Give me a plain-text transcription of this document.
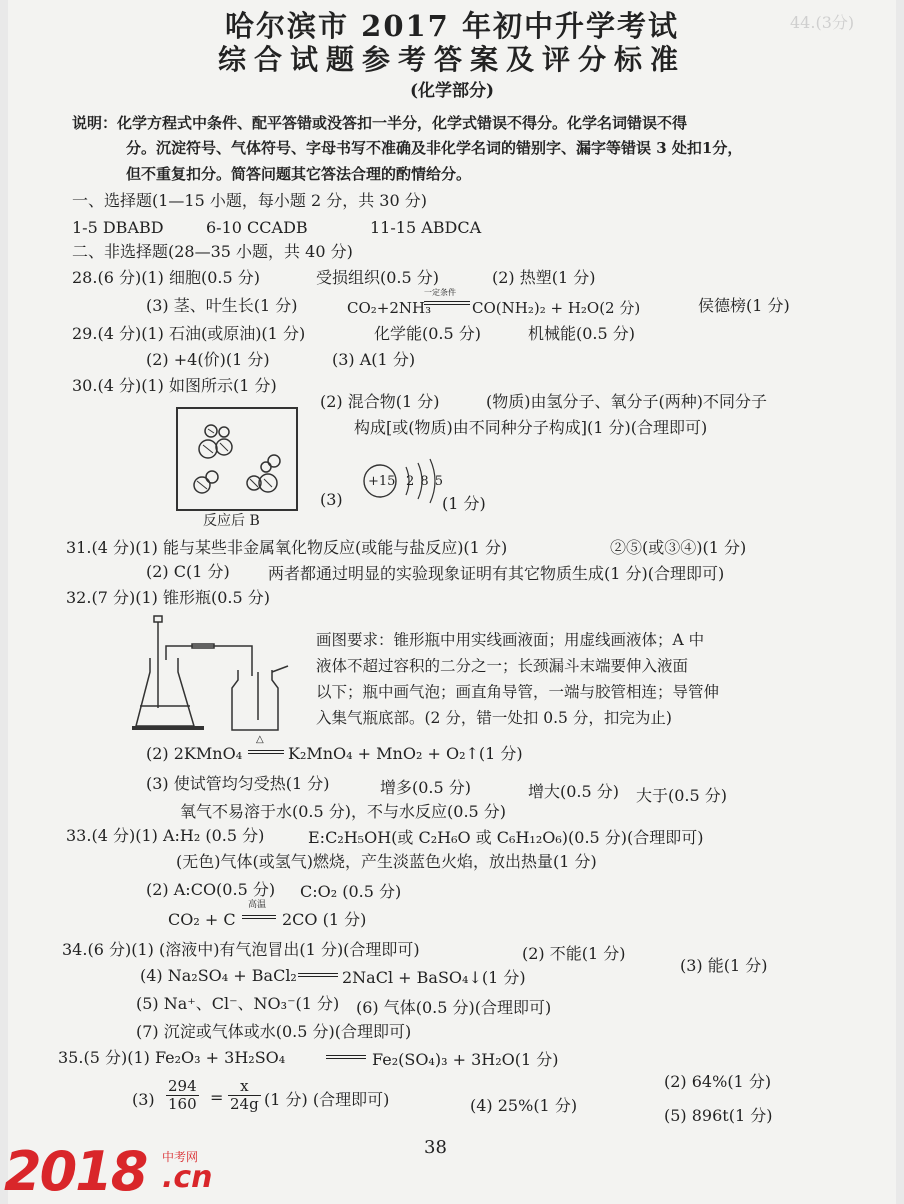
44.(3分)
哈尔滨市 2017 年初中升学考试
综合试题参考答案及评分标准
(化学部分)
说明：化学方程式中条件、配平答错或没答扣一半分，化学式错误不得分。化学名词错误不得
分。沉淀符号、气体符号、字母书写不准确及非化学名词的错别字、漏字等错误 3 处扣1分，
但不重复扣分。简答问题其它答法合理的酌情给分。
一、选择题(1—15 小题，每小题 2 分，共 30 分)
1-5 DBABD	6-10 CCADB	11-15 ABDCA
二、非选择题(28—35 小题，共 40 分)
28.(6 分)(1) 细胞(0.5 分)	受损组织(0.5 分)	(2) 热塑(1 分)
(3) 茎、叶生长(1 分)	CO₂+2NH₃
一定条件
CO(NH₂)₂ + H₂O(2 分)	侯德榜(1 分)
29.(4 分)(1) 石油(或原油)(1 分)	化学能(0.5 分)	机械能(0.5 分)
(2) +4(价)(1 分)	(3) A(1 分)
30.(4 分)(1) 如图所示(1 分)
(2) 混合物(1 分)	(物质)由氢分子、氧分子(两种)不同分子
构成[或(物质)由不同种分子构成](1 分)(合理即可)
反应后 B
(3)
+15 2 8 5
(1 分)
31.(4 分)(1) 能与某些非金属氧化物反应(或能与盐反应)(1 分)	②⑤(或③④)(1 分)
(2) C(1 分) 两者都通过明显的实验现象证明有其它物质生成(1 分)(合理即可)
32.(7 分)(1) 锥形瓶(0.5 分)
画图要求：锥形瓶中用实线画液面；用虚线画液体；A 中
液体不超过容积的二分之一；长颈漏斗末端要伸入液面
以下；瓶中画气泡；画直角导管，一端与胶管相连；导管伸
入集气瓶底部。(2 分，错一处扣 0.5 分，扣完为止)
(2) 2KMnO₄
△
K₂MnO₄ + MnO₂ + O₂↑(1 分)
(3) 使试管均匀受热(1 分)	增多(0.5 分)	增大(0.5 分) 大于(0.5 分)
氧气不易溶于水(0.5 分)，不与水反应(0.5 分)
33.(4 分)(1) A:H₂ (0.5 分)	E:C₂H₅OH(或 C₂H₆O 或 C₆H₁₂O₆)(0.5 分)(合理即可)
(无色)气体(或氢气)燃烧，产生淡蓝色火焰，放出热量(1 分)
(2) A:CO(0.5 分) C:O₂ (0.5 分)
CO₂ + C
高温
2CO (1 分)
34.(6 分)(1) (溶液中)有气泡冒出(1 分)(合理即可)	(2) 不能(1 分)
(3) 能(1 分)
(4) Na₂SO₄ + BaCl₂	2NaCl + BaSO₄↓(1 分)
(5) Na⁺、Cl⁻、NO₃⁻(1 分) (6) 气体(0.5 分)(合理即可)
(7) 沉淀或气体或水(0.5 分)(合理即可)
35.(5 分)(1) Fe₂O₃ + 3H₂SO₄	Fe₂(SO₄)₃ + 3H₂O(1 分)
(2) 64%(1 分)
$(3) \frac{294}{160} = \frac{x}{24g} (1$ 分) (合理即可)	(4) 25%(1 分)
(5) 896t(1 分)
38
2018 中考网
.cn
